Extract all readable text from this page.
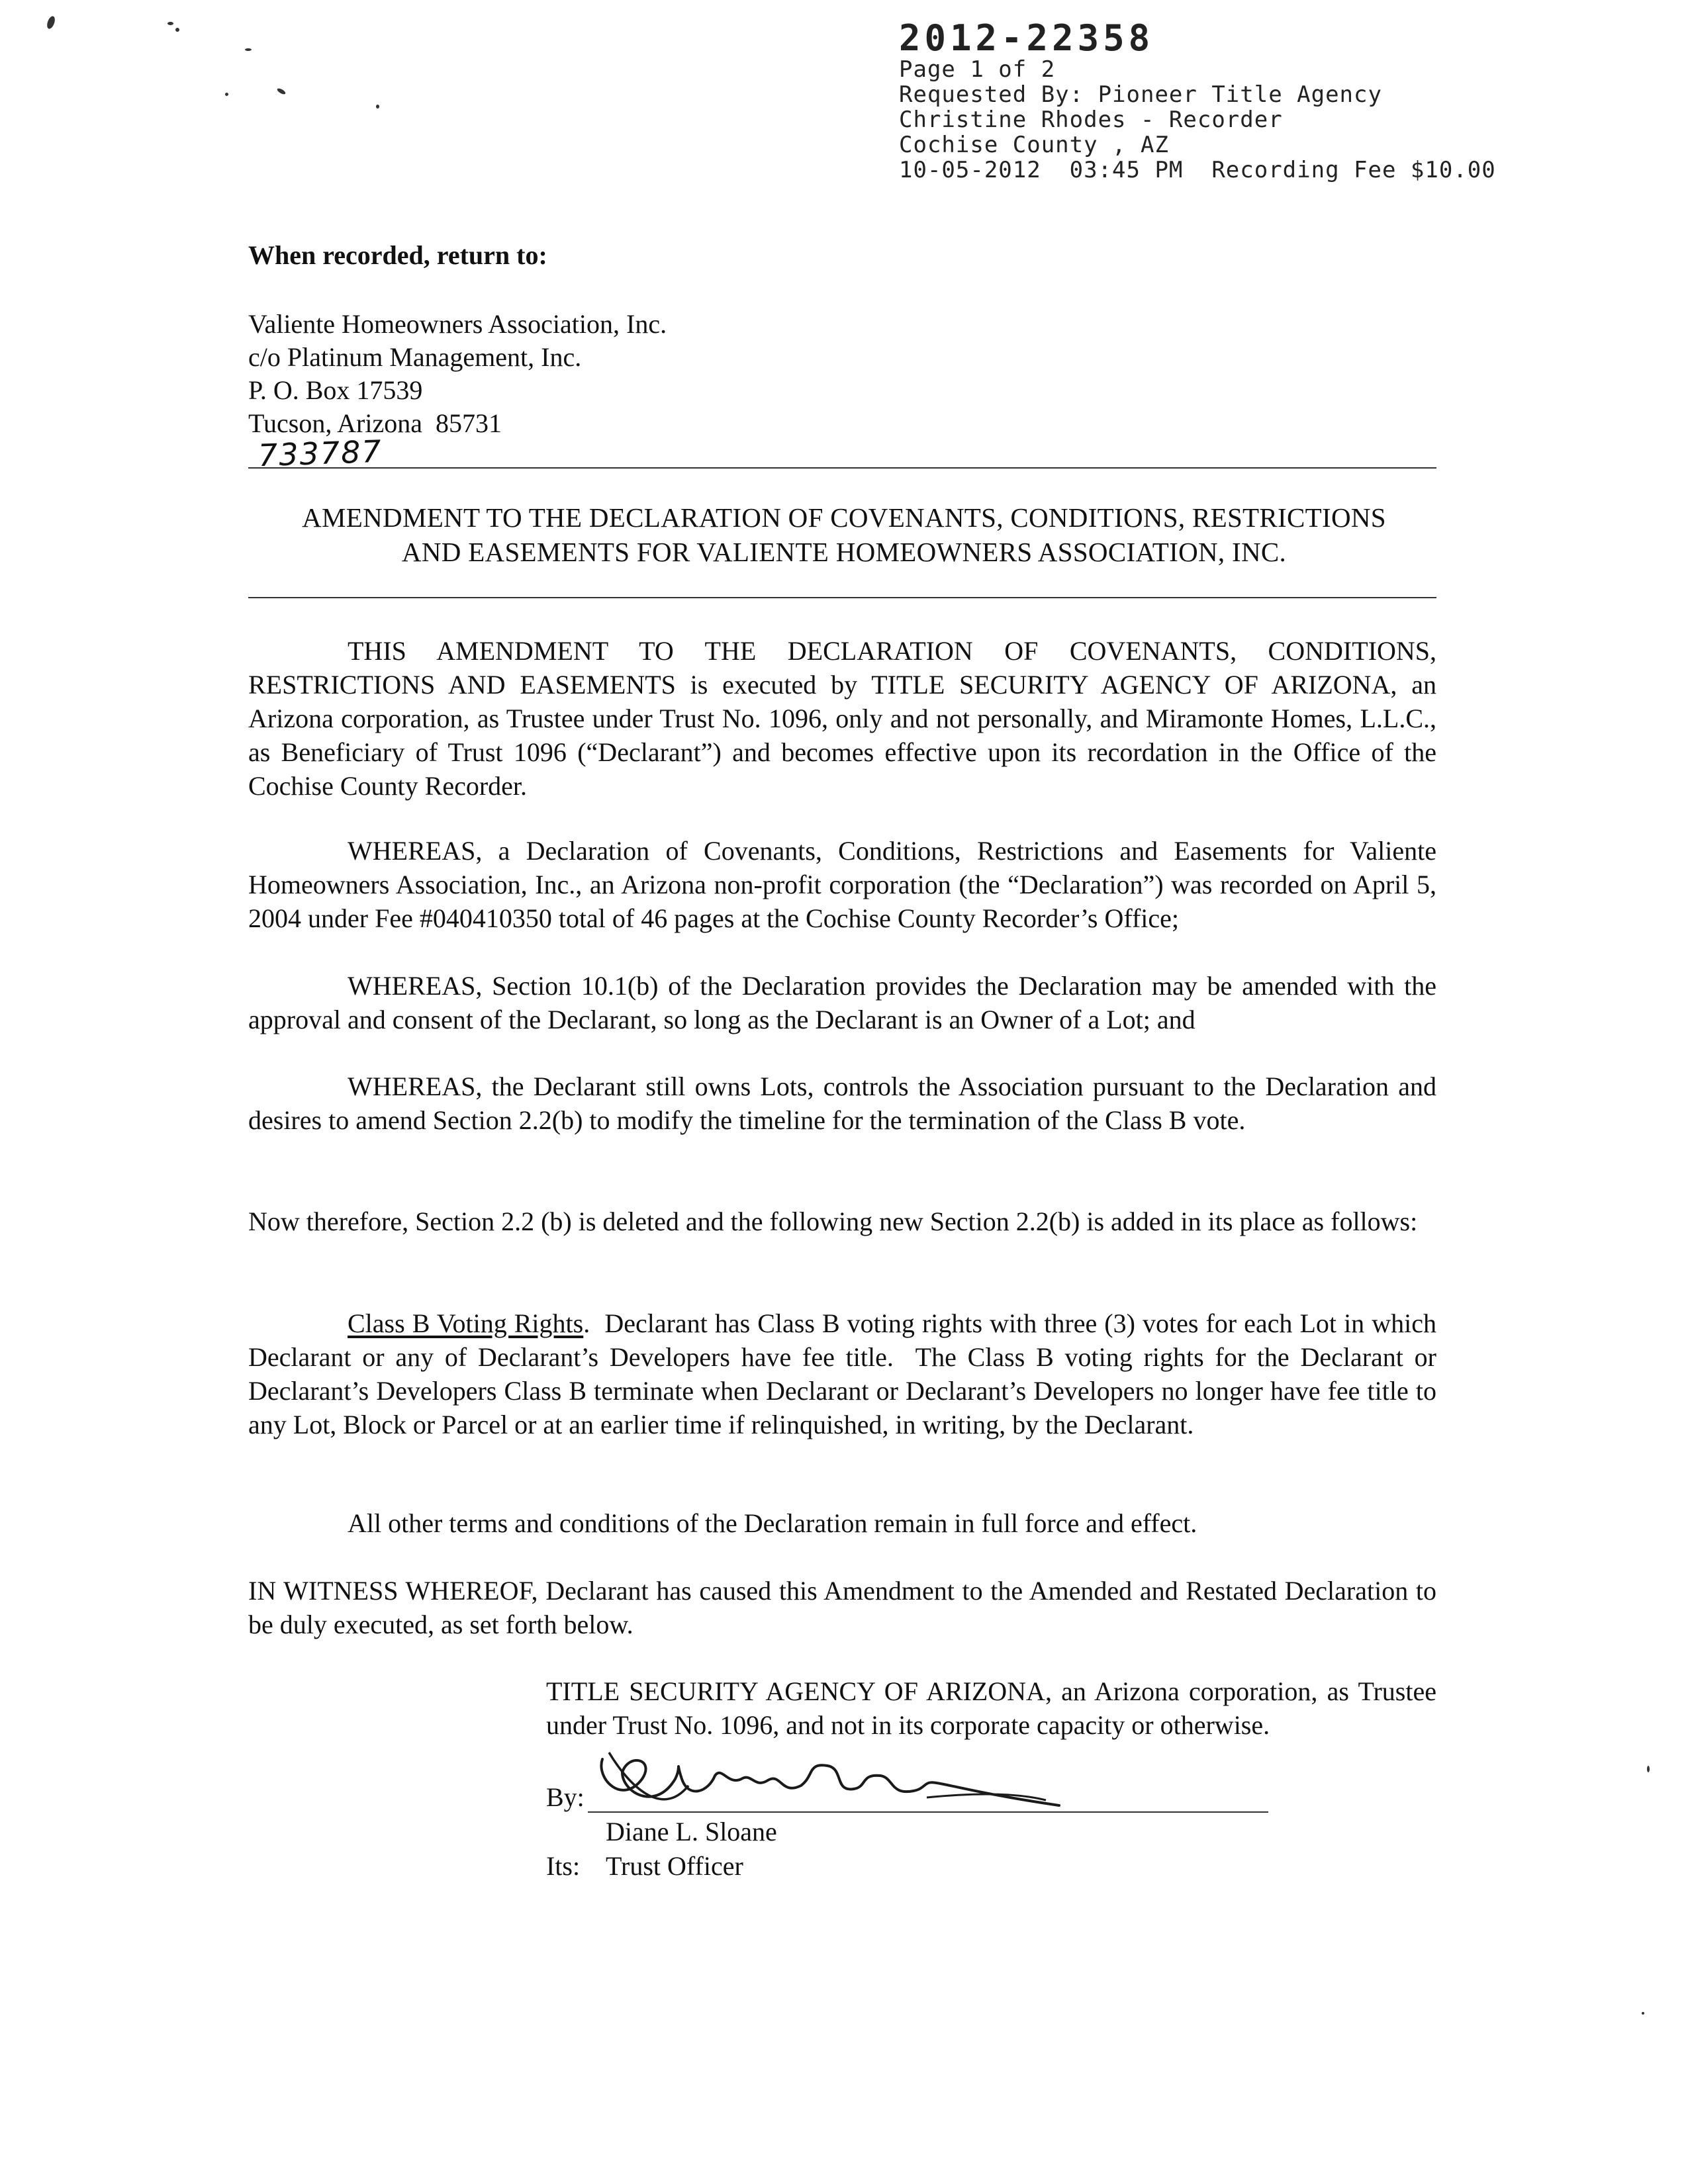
2012-22358
Page 1 of 2
Requested By: Pioneer Title Agency
Christine Rhodes - Recorder
Cochise County , AZ
10-05-2012  03:45 PM  Recording Fee $10.00
When recorded, return to:
Valiente Homeowners Association, Inc.
c/o Platinum Management, Inc.
P. O. Box 17539
Tucson, Arizona  85731
733787
AMENDMENT TO THE DECLARATION OF COVENANTS, CONDITIONS, RESTRICTIONS
AND EASEMENTS FOR VALIENTE HOMEOWNERS ASSOCIATION, INC.
THIS AMENDMENT TO THE DECLARATION OF COVENANTS, CONDITIONS, RESTRICTIONS AND EASEMENTS is executed by TITLE SECURITY AGENCY OF ARIZONA, an Arizona corporation, as Trustee under Trust No. 1096, only and not personally, and Miramonte Homes, L.L.C., as Beneficiary of Trust 1096 (“Declarant”) and becomes effective upon its recordation in the Office of the Cochise County Recorder.
WHEREAS, a Declaration of Covenants, Conditions, Restrictions and Easements for Valiente Homeowners Association, Inc., an Arizona non-profit corporation (the “Declaration”) was recorded on April 5, 2004 under Fee #040410350 total of 46 pages at the Cochise County Recorder’s Office;
WHEREAS, Section 10.1(b) of the Declaration provides the Declaration may be amended with the approval and consent of the Declarant, so long as the Declarant is an Owner of a Lot; and
WHEREAS, the Declarant still owns Lots, controls the Association pursuant to the Declaration and desires to amend Section 2.2(b) to modify the timeline for the termination of the Class B vote.
Now therefore, Section 2.2 (b) is deleted and the following new Section 2.2(b) is added in its place as follows:
Class B Voting Rights.  Declarant has Class B voting rights with three (3) votes for each Lot in which Declarant or any of Declarant’s Developers have fee title.  The Class B voting rights for the Declarant or Declarant’s Developers Class B terminate when Declarant or Declarant’s Developers no longer have fee title to any Lot, Block or Parcel or at an earlier time if relinquished, in writing, by the Declarant.
All other terms and conditions of the Declaration remain in full force and effect.
IN WITNESS WHEREOF, Declarant has caused this Amendment to the Amended and Restated Declaration to be duly executed, as set forth below.
TITLE SECURITY AGENCY OF ARIZONA, an Arizona corporation, as Trustee under Trust No. 1096, and not in its corporate capacity or otherwise.
By:
Diane L. Sloane
Its: Trust Officer
